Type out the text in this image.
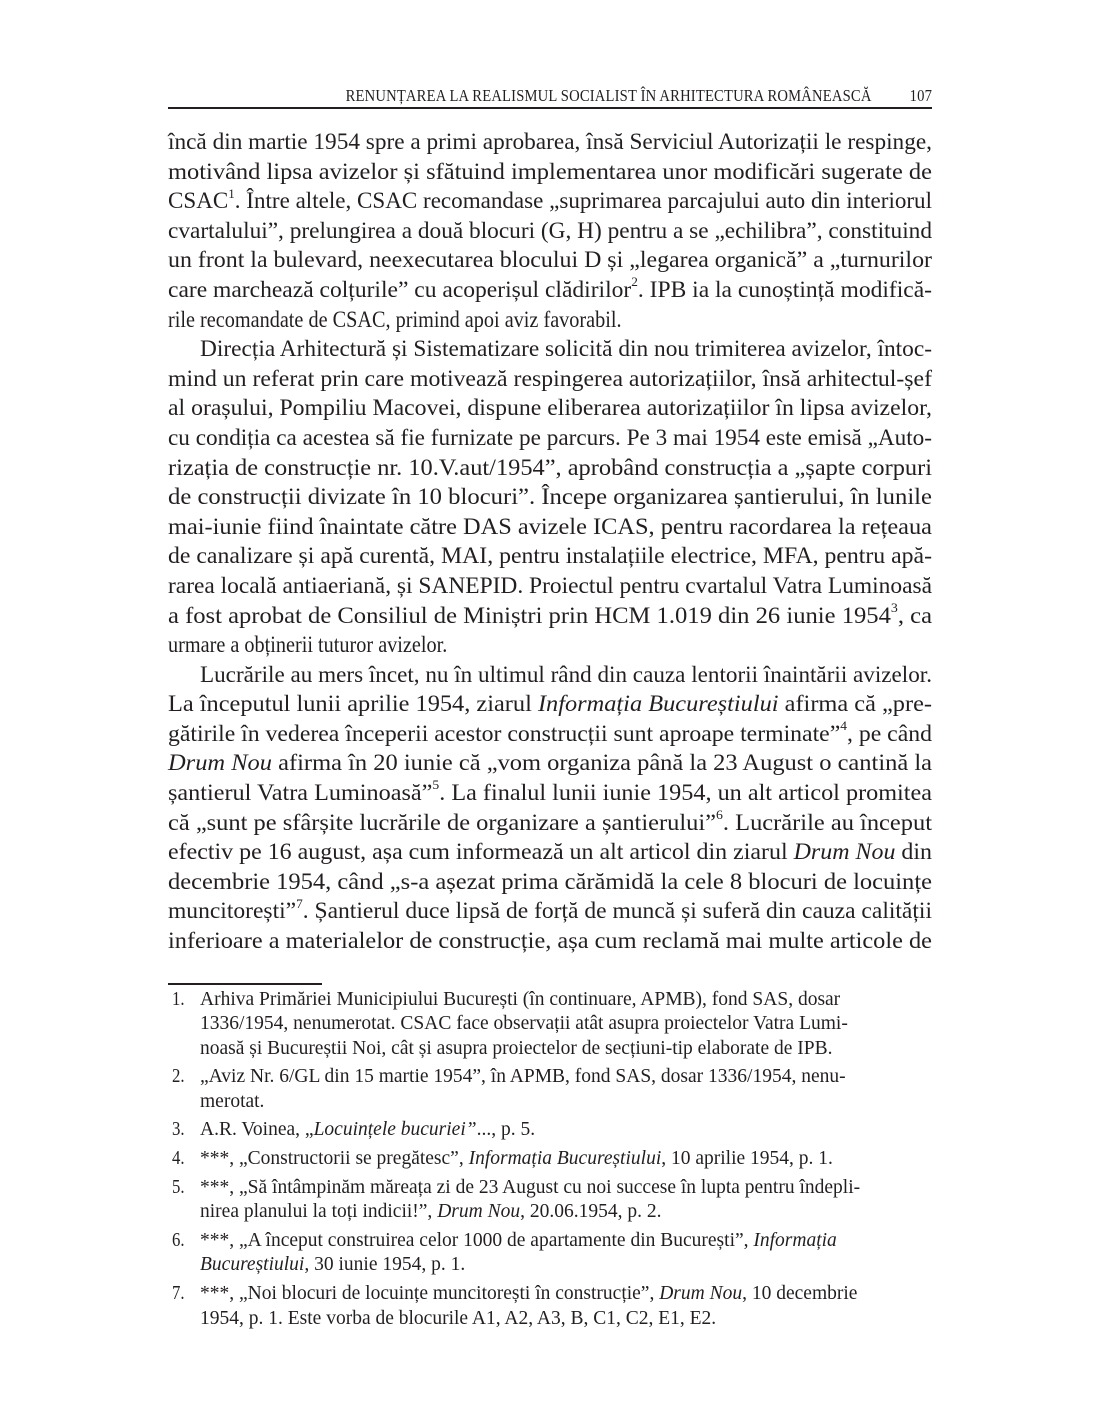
RENUNȚAREA LA REALISMUL SOCIALIST ÎN ARHITECTURA ROMÂNEASCĂ 107
încă din martie 1954 spre a primi aprobarea, însă Serviciul Autorizații le respinge,
motivând lipsa avizelor și sfătuind implementarea unor modificări sugerate de
CSAC$^1$. Între altele, CSAC recomandase „suprimarea parcajului auto din interiorul
cvartalului”, prelungirea a două blocuri (G, H) pentru a se „echilibra”, constituind
un front la bulevard, neexecutarea blocului D și „legarea organică” a „turnurilor
care marchează colțurile” cu acoperișul clădirilor$^2$. IPB ia la cunoștință modifică-
rile recomandate de CSAC, primind apoi aviz favorabil.
Direcția Arhitectură și Sistematizare solicită din nou trimiterea avizelor, întoc-
mind un referat prin care motivează respingerea autorizațiilor, însă arhitectul-șef
al orașului, Pompiliu Macovei, dispune eliberarea autorizațiilor în lipsa avizelor,
cu condiția ca acestea să fie furnizate pe parcurs. Pe 3 mai 1954 este emisă „Auto-
rizația de construcție nr. 10.V.aut/1954”, aprobând construcția a „șapte corpuri
de construcții divizate în 10 blocuri”. Începe organizarea șantierului, în lunile
mai-iunie fiind înaintate către DAS avizele ICAS, pentru racordarea la rețeaua
de canalizare și apă curentă, MAI, pentru instalațiile electrice, MFA, pentru apă-
rarea locală antiaeriană, și SANEPID. Proiectul pentru cvartalul Vatra Luminoasă
a fost aprobat de Consiliul de Miniștri prin HCM 1.019 din 26 iunie 1954$^3$, ca
urmare a obținerii tuturor avizelor.
Lucrările au mers încet, nu în ultimul rând din cauza lentorii înaintării avizelor.
La începutul lunii aprilie 1954, ziarul Informația Bucureștiului afirma că „pre-
gătirile în vederea începerii acestor construcții sunt aproape terminate”$^4$, pe când
Drum Nou afirma în 20 iunie că „vom organiza până la 23 August o cantină la
șantierul Vatra Luminoasă”$^5$. La finalul lunii iunie 1954, un alt articol promitea
că „sunt pe sfârșite lucrările de organizare a șantierului”$^6$. Lucrările au început
efectiv pe 16 august, așa cum informează un alt articol din ziarul Drum Nou din
decembrie 1954, când „s-a așezat prima cărămidă la cele 8 blocuri de locuințe
muncitorești”$^7$. Șantierul duce lipsă de forță de muncă și suferă din cauza calității
inferioare a materialelor de construcție, așa cum reclamă mai multe articole de
1. Arhiva Primăriei Municipiului București (în continuare, APMB), fond SAS, dosar
1336/1954, nenumerotat. CSAC face observații atât asupra proiectelor Vatra Lumi-
noasă și Bucureștii Noi, cât și asupra proiectelor de secțiuni-tip elaborate de IPB.
2. „Aviz Nr. 6/GL din 15 martie 1954”, în APMB, fond SAS, dosar 1336/1954, nenu-
merotat.
3. A.R. Voinea, „Locuințele bucuriei”..., p. 5.
4. ***, „Constructorii se pregătesc”, Informația Bucureștiului, 10 aprilie 1954, p. 1.
5. ***, „Să întâmpinăm măreața zi de 23 August cu noi succese în lupta pentru îndepli-
nirea planului la toți indicii!”, Drum Nou, 20.06.1954, p. 2.
6. ***, „A început construirea celor 1000 de apartamente din București”, Informația
Bucureștiului, 30 iunie 1954, p. 1.
7. ***, „Noi blocuri de locuințe muncitorești în construcție”, Drum Nou, 10 decembrie
1954, p. 1. Este vorba de blocurile A1, A2, A3, B, C1, C2, E1, E2.
